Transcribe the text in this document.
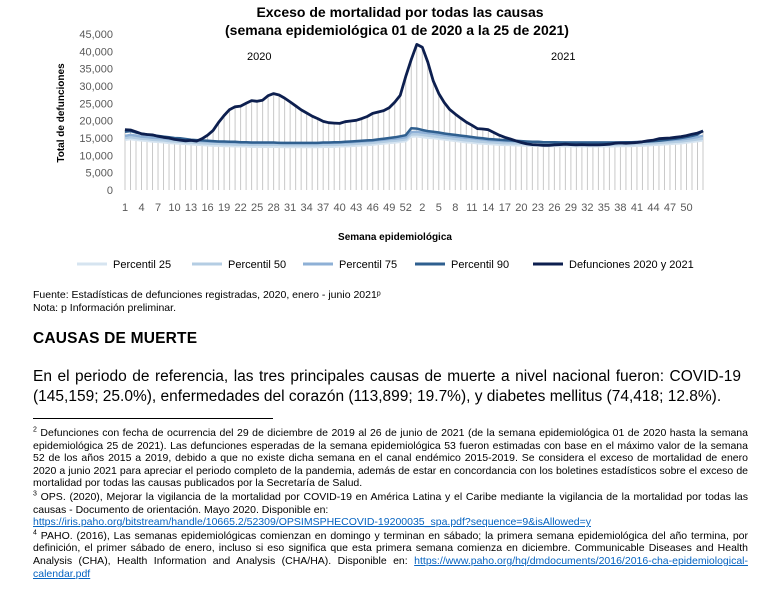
Exceso de mortalidad por todas las causas
(semana epidemiológica 01 de 2020 a la 25 de 2021)
0
5,000
10,000
15,000
20,000
25,000
30,000
35,000
40,000
45,000
1 4 7 10 13 16 19 22 25 28 31 34 37 40 43 46 49 52 2 5 8 11 14 17 20 23 26 29 32 35 38 41 44 47 50
Total de defunciones
Semana epidemiológica
2020	2021
Percentil 25	Percentil 50	Percentil 75	Percentil 90	Defunciones 2020 y 2021
Fuente: Estadísticas de defunciones registradas, 2020, enero - junio 2021ᵖ
Nota: p Información preliminar.
CAUSAS DE MUERTE
En el periodo de referencia, las tres principales causas de muerte a nivel nacional fueron: COVID-19 (145,159; 25.0%), enfermedades del corazón (113,899; 19.7%), y diabetes mellitus (74,418; 12.8%).

$^2$ Defunciones con fecha de ocurrencia del 29 de diciembre de 2019 al 26 de junio de 2021 (de la semana epidemiológica 01 de 2020 hasta la semana epidemiológica 25 de 2021). Las defunciones esperadas de la semana epidemiológica 53 fueron estimadas con base en el máximo valor de la semana 52 de los años 2015 a 2019, debido a que no existe dicha semana en el canal endémico 2015-2019. Se considera el exceso de mortalidad de enero 2020 a junio 2021 para apreciar el periodo completo de la pandemia, además de estar en concordancia con los boletines estadísticos sobre el exceso de mortalidad por todas las causas publicados por la Secretaría de Salud.

$^3$ OPS. (2020), Mejorar la vigilancia de la mortalidad por COVID-19 en América Latina y el Caribe mediante la vigilancia de la mortalidad por todas las causas - Documento de orientación. Mayo 2020. Disponible en:
https://iris.paho.org/bitstream/handle/10665.2/52309/OPSIMSPHECOVID-19200035_spa.pdf?sequence=9&isAllowed=y

$^4$ PAHO. (2016), Las semanas epidemiológicas comienzan en domingo y terminan en sábado; la primera semana epidemiológica del año termina, por definición, el primer sábado de enero, incluso si eso significa que esta primera semana comienza en diciembre. Communicable Diseases and Health Analysis (CHA), Health Information and Analysis (CHA/HA). Disponible en: https://www.paho.org/hq/dmdocuments/2016/2016-cha-epidemiological-calendar.pdf
